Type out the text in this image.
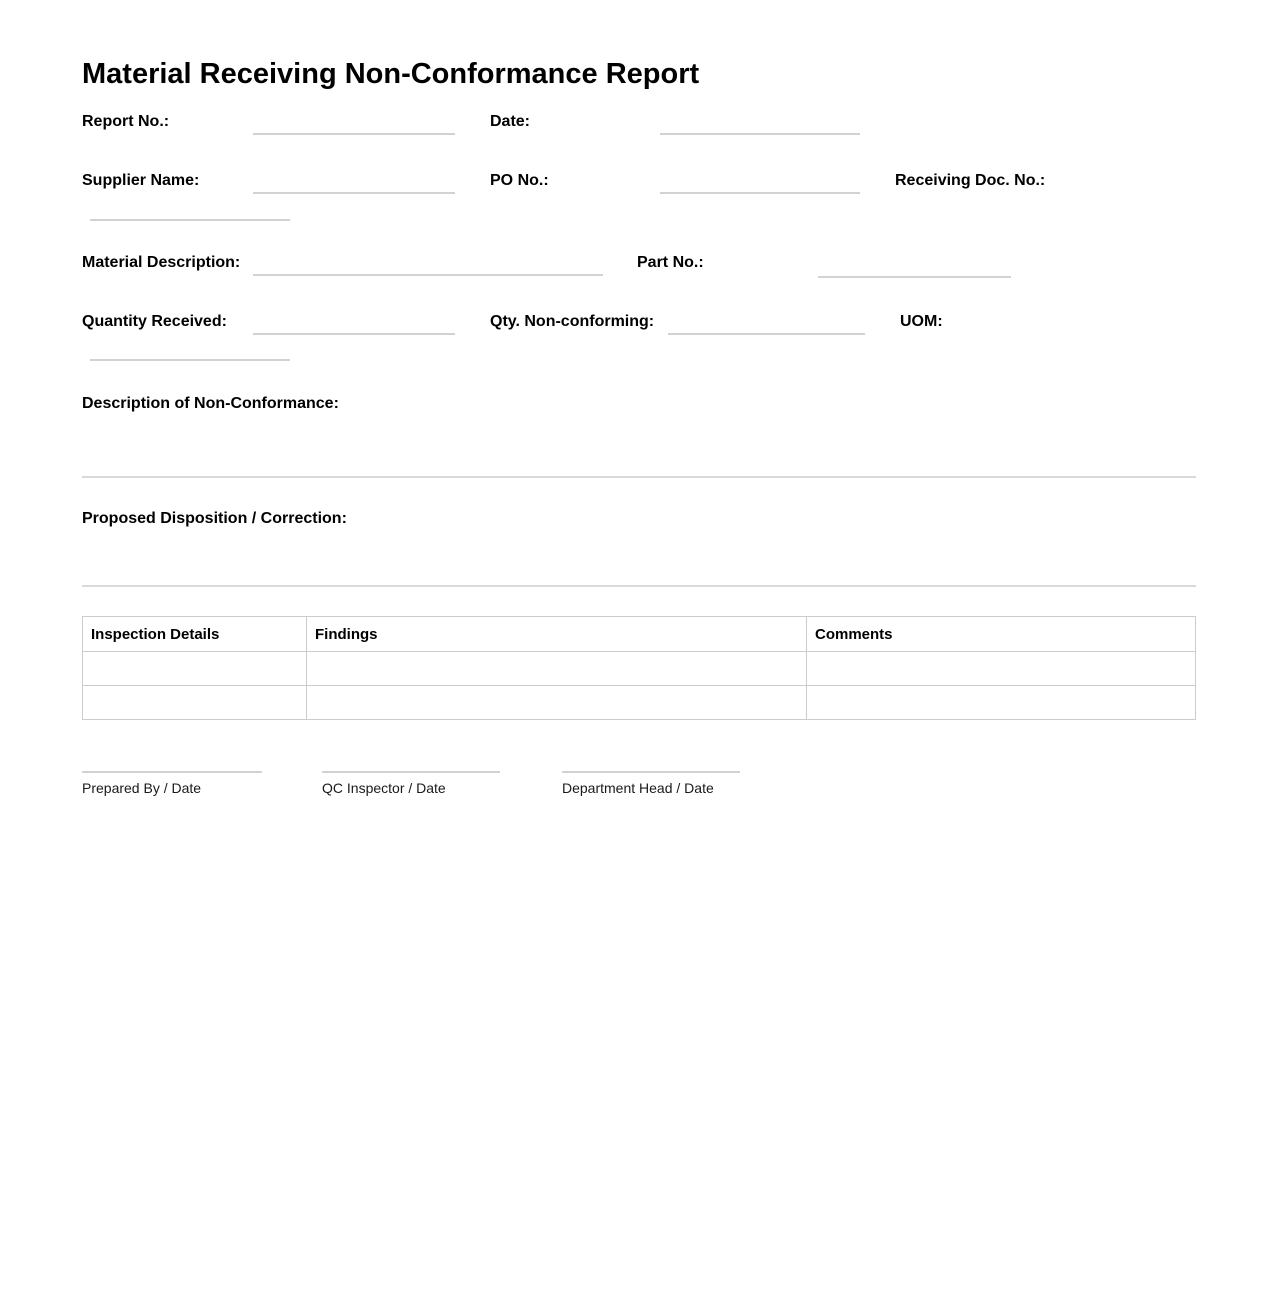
Material Receiving Non-Conformance Report
Report No.:	Date:
Supplier Name:	PO No.:	Receiving Doc. No.:
Material Description:	Part No.:
Quantity Received:	Qty. Non-conforming:	UOM:
Description of Non-Conformance:
Proposed Disposition / Correction:
Inspection Details	Findings	Comments

Prepared By / Date	QC Inspector / Date	Department Head / Date
